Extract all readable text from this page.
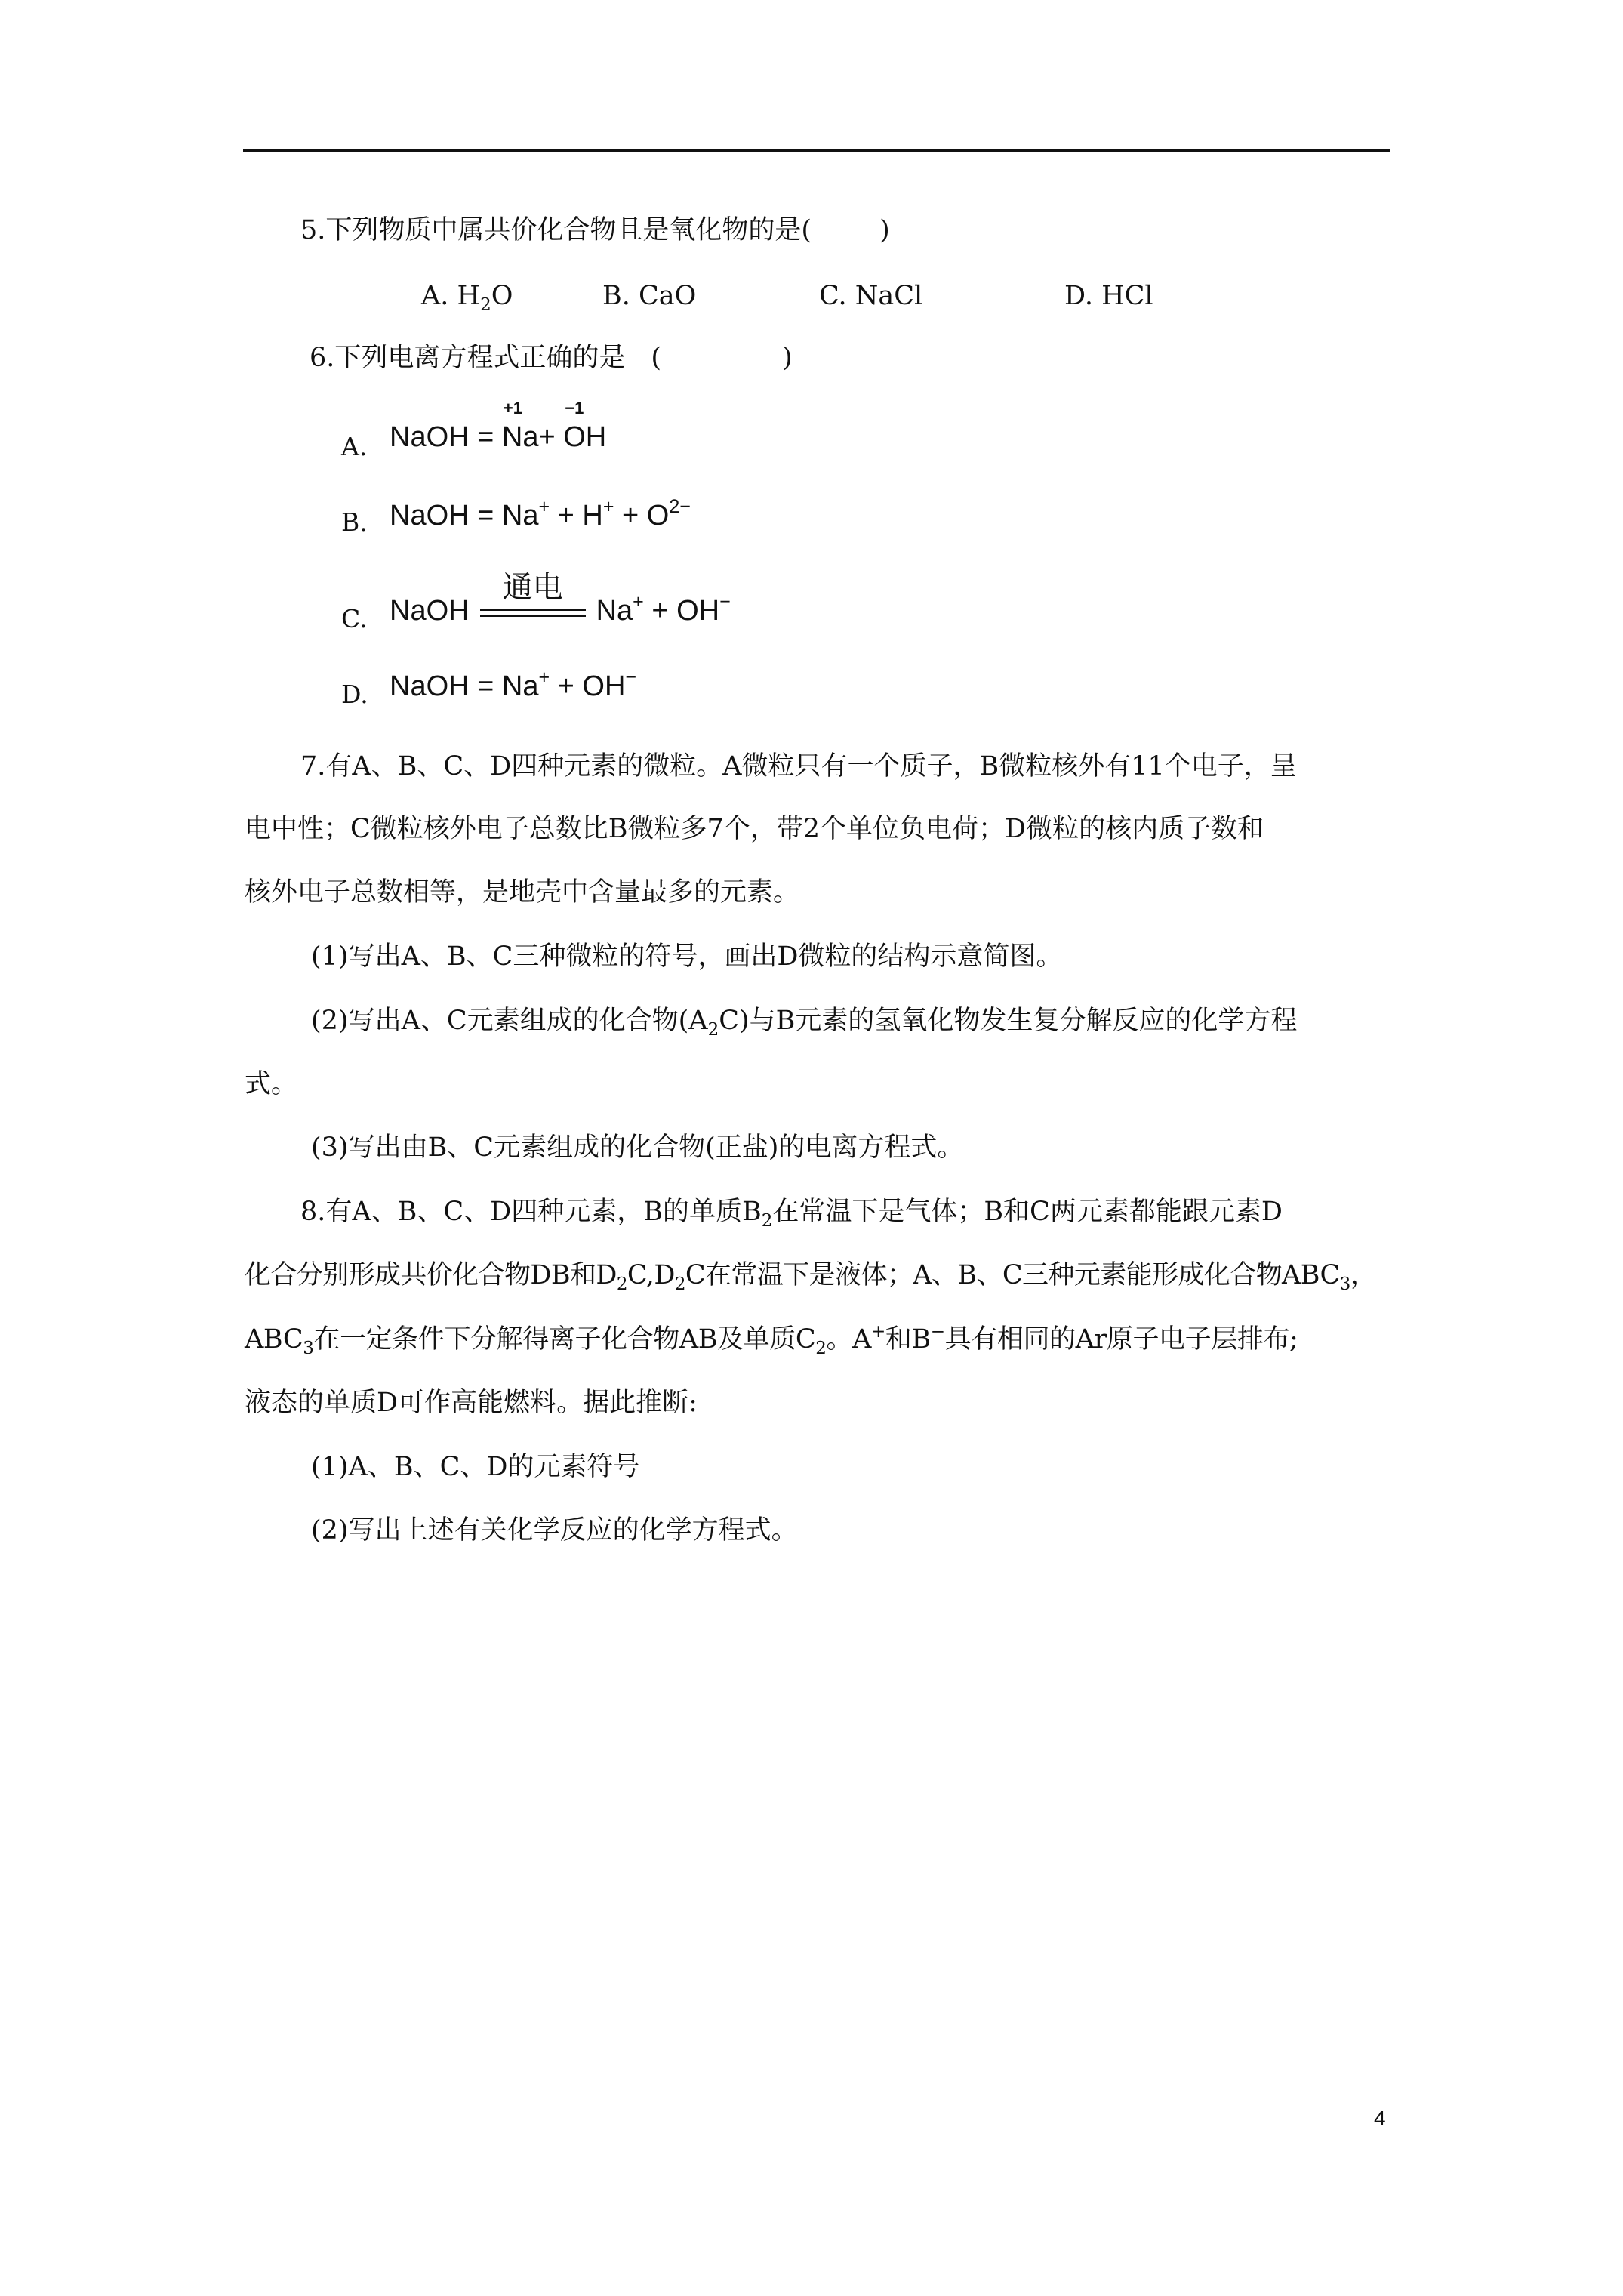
5.下列物质中属共价化合物且是氧化物的是(	)
A. $H_2O$	B. CaO	C. NaCl	D. HCl
6.下列电离方程式正确的是 (	)
A. NaOH =
+1
Na+
−1
OH
B. NaOH = $Na^+ + H^+ + O^{2-}$
C. NaOH
通电
Na+ + OH−
D. NaOH = Na+ + OH−
7.有A、B、C、D四种元素的微粒。A微粒只有一个质子，B微粒核外有11个电子，呈
电中性；C微粒核外电子总数比B微粒多7个，带2个单位负电荷；D微粒的核内质子数和
核外电子总数相等，是地壳中含量最多的元素。
(1)写出A、B、C三种微粒的符号，画出D微粒的结构示意简图。
(2)写出A、C元素组成的化合物$(A_2C)$与B元素的氢氧化物发生复分解反应的化学方程
式。
(3)写出由B、C元素组成的化合物(正盐)的电离方程式。
8.有A、B、C、D四种元素，B的单质$B_2$在常温下是气体；B和C两元素都能跟元素D
化合分别形成共价化合物DB和$D_2C,D_2C$在常温下是液体；A、B、C三种元素能形成化合物$ABC_3$，
$ABC_3$在一定条件下分解得离子化合物AB及单质$C_2$。A+和B−具有相同的Ar原子电子层排布;
液态的单质D可作高能燃料。据此推断:
(1)A、B、C、D的元素符号
(2)写出上述有关化学反应的化学方程式。
4
